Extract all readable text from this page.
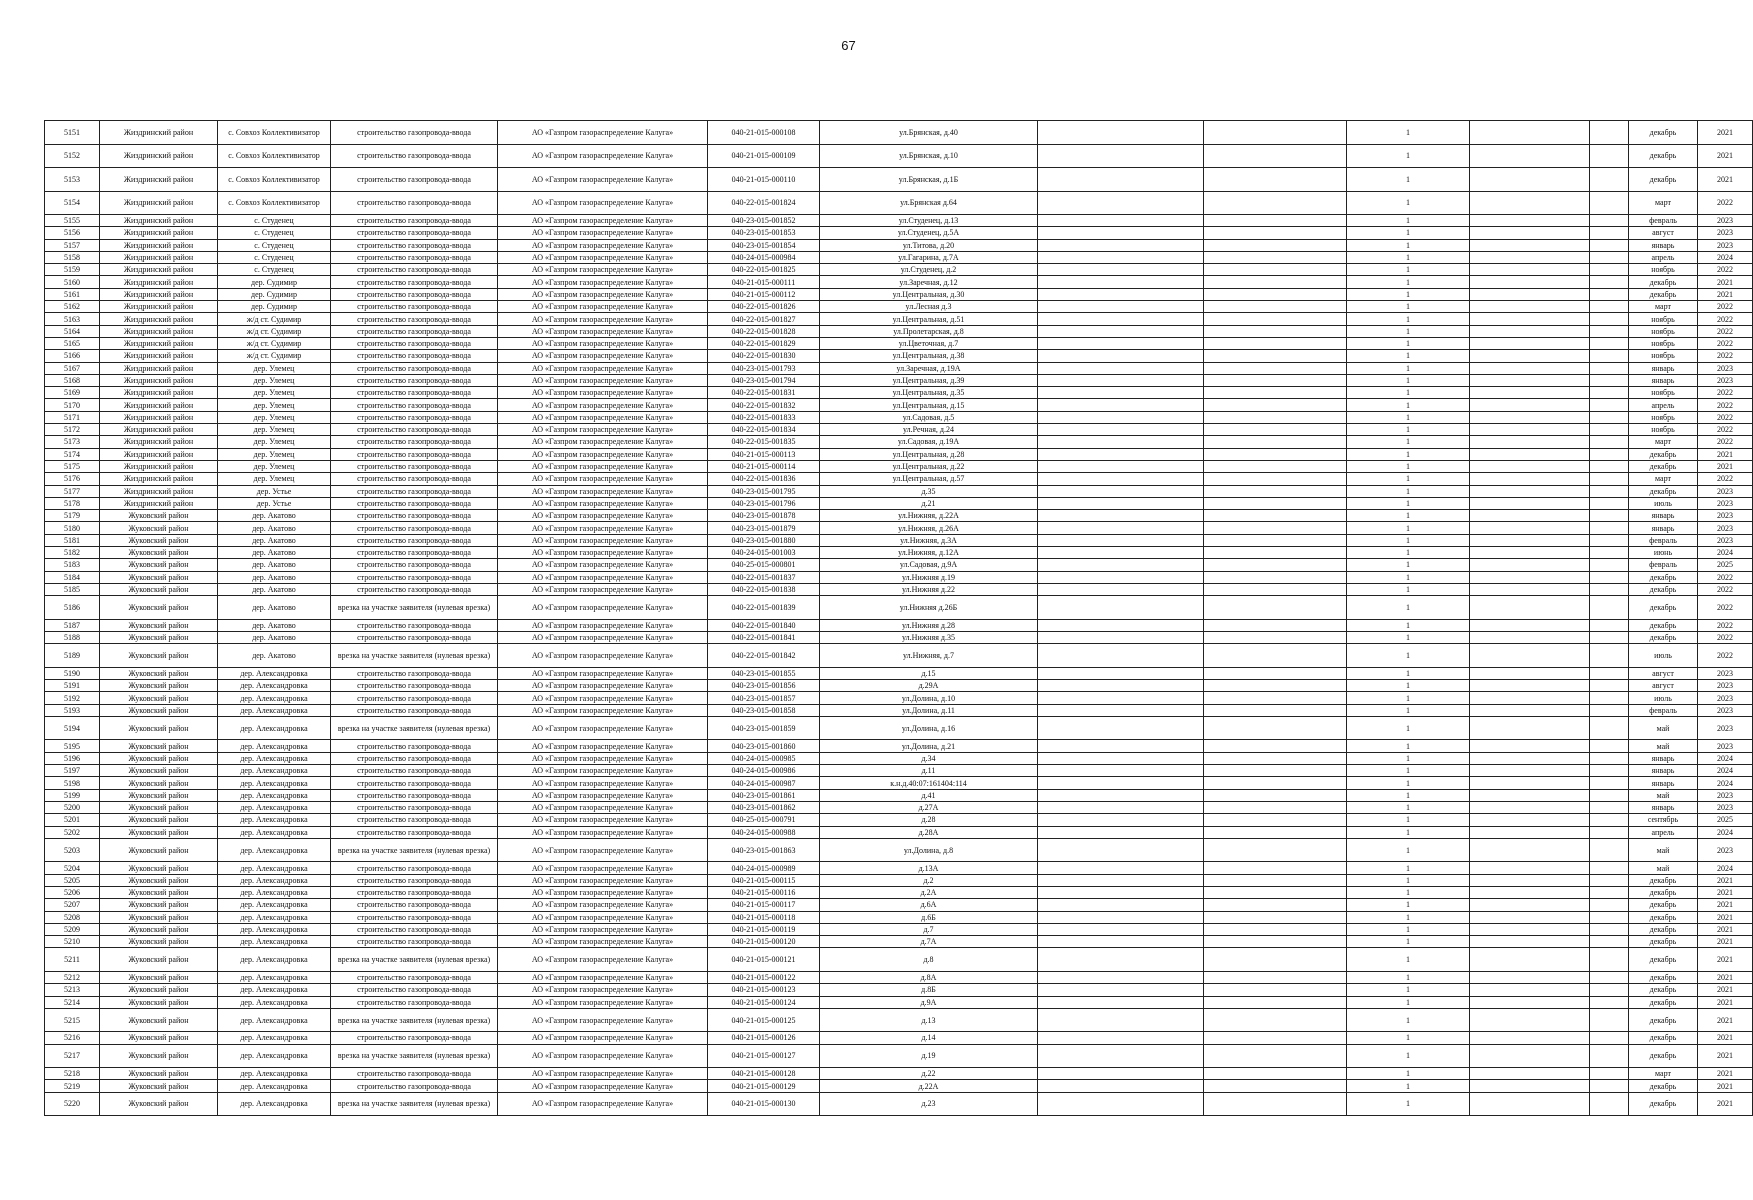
67
5151	Жиздринский район	с. Совхоз Коллективизатор	строительство газопровода-ввода	АО «Газпром газораспределение Калуга»	040-21-015-000108	ул.Брянская, д.40			1			декабрь	2021
5152	Жиздринский район	с. Совхоз Коллективизатор	строительство газопровода-ввода	АО «Газпром газораспределение Калуга»	040-21-015-000109	ул.Брянская, д.10			1			декабрь	2021
5153	Жиздринский район	с. Совхоз Коллективизатор	строительство газопровода-ввода	АО «Газпром газораспределение Калуга»	040-21-015-000110	ул.Брянская, д.1Б			1			декабрь	2021
5154	Жиздринский район	с. Совхоз Коллективизатор	строительство газопровода-ввода	АО «Газпром газораспределение Калуга»	040-22-015-001824	ул.Брянская д.64			1			март	2022
5155	Жиздринский район	с. Студенец	строительство газопровода-ввода	АО «Газпром газораспределение Калуга»	040-23-015-001852	ул.Студенец, д.13			1			февраль	2023
5156	Жиздринский район	с. Студенец	строительство газопровода-ввода	АО «Газпром газораспределение Калуга»	040-23-015-001853	ул.Студенец, д.5А			1			август	2023
5157	Жиздринский район	с. Студенец	строительство газопровода-ввода	АО «Газпром газораспределение Калуга»	040-23-015-001854	ул.Титова, д.20			1			январь	2023
5158	Жиздринский район	с. Студенец	строительство газопровода-ввода	АО «Газпром газораспределение Калуга»	040-24-015-000984	ул.Гагарина, д.7А			1			апрель	2024
5159	Жиздринский район	с. Студенец	строительство газопровода-ввода	АО «Газпром газораспределение Калуга»	040-22-015-001825	ул.Студенец, д.2			1			ноябрь	2022
5160	Жиздринский район	дер. Судимир	строительство газопровода-ввода	АО «Газпром газораспределение Калуга»	040-21-015-000111	ул.Заречная, д.12			1			декабрь	2021
5161	Жиздринский район	дер. Судимир	строительство газопровода-ввода	АО «Газпром газораспределение Калуга»	040-21-015-000112	ул.Центральная, д.30			1			декабрь	2021
5162	Жиздринский район	дер. Судимир	строительство газопровода-ввода	АО «Газпром газораспределение Калуга»	040-22-015-001826	ул.Лесная д.3			1			март	2022
5163	Жиздринский район	ж/д ст. Судимир	строительство газопровода-ввода	АО «Газпром газораспределение Калуга»	040-22-015-001827	ул.Центральная, д.51			1			ноябрь	2022
5164	Жиздринский район	ж/д ст. Судимир	строительство газопровода-ввода	АО «Газпром газораспределение Калуга»	040-22-015-001828	ул.Пролетарская, д.8			1			ноябрь	2022
5165	Жиздринский район	ж/д ст. Судимир	строительство газопровода-ввода	АО «Газпром газораспределение Калуга»	040-22-015-001829	ул.Цветочная, д.7			1			ноябрь	2022
5166	Жиздринский район	ж/д ст. Судимир	строительство газопровода-ввода	АО «Газпром газораспределение Калуга»	040-22-015-001830	ул.Центральная, д.38			1			ноябрь	2022
5167	Жиздринский район	дер. Улемец	строительство газопровода-ввода	АО «Газпром газораспределение Калуга»	040-23-015-001793	ул.Заречная, д.19А			1			январь	2023
5168	Жиздринский район	дер. Улемец	строительство газопровода-ввода	АО «Газпром газораспределение Калуга»	040-23-015-001794	ул.Центральная, д.39			1			январь	2023
5169	Жиздринский район	дер. Улемец	строительство газопровода-ввода	АО «Газпром газораспределение Калуга»	040-22-015-001831	ул.Центральная, д.35			1			ноябрь	2022
5170	Жиздринский район	дер. Улемец	строительство газопровода-ввода	АО «Газпром газораспределение Калуга»	040-22-015-001832	ул.Центральная, д.15			1			апрель	2022
5171	Жиздринский район	дер. Улемец	строительство газопровода-ввода	АО «Газпром газораспределение Калуга»	040-22-015-001833	ул.Садовая, д.5			1			ноябрь	2022
5172	Жиздринский район	дер. Улемец	строительство газопровода-ввода	АО «Газпром газораспределение Калуга»	040-22-015-001834	ул.Речная, д.24			1			ноябрь	2022
5173	Жиздринский район	дер. Улемец	строительство газопровода-ввода	АО «Газпром газораспределение Калуга»	040-22-015-001835	ул.Садовая, д.19А			1			март	2022
5174	Жиздринский район	дер. Улемец	строительство газопровода-ввода	АО «Газпром газораспределение Калуга»	040-21-015-000113	ул.Центральная, д.28			1			декабрь	2021
5175	Жиздринский район	дер. Улемец	строительство газопровода-ввода	АО «Газпром газораспределение Калуга»	040-21-015-000114	ул.Центральная, д.22			1			декабрь	2021
5176	Жиздринский район	дер. Улемец	строительство газопровода-ввода	АО «Газпром газораспределение Калуга»	040-22-015-001836	ул.Центральная, д.57			1			март	2022
5177	Жиздринский район	дер. Устье	строительство газопровода-ввода	АО «Газпром газораспределение Калуга»	040-23-015-001795	д.35			1			декабрь	2023
5178	Жиздринский район	дер. Устье	строительство газопровода-ввода	АО «Газпром газораспределение Калуга»	040-23-015-001796	д.21			1			июль	2023
5179	Жуковский район	дер. Акатово	строительство газопровода-ввода	АО «Газпром газораспределение Калуга»	040-23-015-001878	ул.Нижняя, д.22А			1			январь	2023
5180	Жуковский район	дер. Акатово	строительство газопровода-ввода	АО «Газпром газораспределение Калуга»	040-23-015-001879	ул.Нижняя, д.26А			1			январь	2023
5181	Жуковский район	дер. Акатово	строительство газопровода-ввода	АО «Газпром газораспределение Калуга»	040-23-015-001880	ул.Нижняя, д.3А			1			февраль	2023
5182	Жуковский район	дер. Акатово	строительство газопровода-ввода	АО «Газпром газораспределение Калуга»	040-24-015-001003	ул.Нижняя, д.12А			1			июнь	2024
5183	Жуковский район	дер. Акатово	строительство газопровода-ввода	АО «Газпром газораспределение Калуга»	040-25-015-000801	ул.Садовая, д.9А			1			февраль	2025
5184	Жуковский район	дер. Акатово	строительство газопровода-ввода	АО «Газпром газораспределение Калуга»	040-22-015-001837	ул.Нижняя д.19			1			декабрь	2022
5185	Жуковский район	дер. Акатово	строительство газопровода-ввода	АО «Газпром газораспределение Калуга»	040-22-015-001838	ул.Нижняя д.22			1			декабрь	2022
5186	Жуковский район	дер. Акатово	врезка на участке заявителя (нулевая врезка)	АО «Газпром газораспределение Калуга»	040-22-015-001839	ул.Нижняя д.26Б			1			декабрь	2022
5187	Жуковский район	дер. Акатово	строительство газопровода-ввода	АО «Газпром газораспределение Калуга»	040-22-015-001840	ул.Нижняя д.28			1			декабрь	2022
5188	Жуковский район	дер. Акатово	строительство газопровода-ввода	АО «Газпром газораспределение Калуга»	040-22-015-001841	ул.Нижняя д.35			1			декабрь	2022
5189	Жуковский район	дер. Акатово	врезка на участке заявителя (нулевая врезка)	АО «Газпром газораспределение Калуга»	040-22-015-001842	ул.Нижняя, д.7			1			июль	2022
5190	Жуковский район	дер. Александровка	строительство газопровода-ввода	АО «Газпром газораспределение Калуга»	040-23-015-001855	д.15			1			август	2023
5191	Жуковский район	дер. Александровка	строительство газопровода-ввода	АО «Газпром газораспределение Калуга»	040-23-015-001856	д.29А			1			август	2023
5192	Жуковский район	дер. Александровка	строительство газопровода-ввода	АО «Газпром газораспределение Калуга»	040-23-015-001857	ул.Долина, д.10			1			июль	2023
5193	Жуковский район	дер. Александровка	строительство газопровода-ввода	АО «Газпром газораспределение Калуга»	040-23-015-001858	ул.Долина, д.11			1			февраль	2023
5194	Жуковский район	дер. Александровка	врезка на участке заявителя (нулевая врезка)	АО «Газпром газораспределение Калуга»	040-23-015-001859	ул.Долина, д.16			1			май	2023
5195	Жуковский район	дер. Александровка	строительство газопровода-ввода	АО «Газпром газораспределение Калуга»	040-23-015-001860	ул.Долина, д.21			1			май	2023
5196	Жуковский район	дер. Александровка	строительство газопровода-ввода	АО «Газпром газораспределение Калуга»	040-24-015-000985	д.34			1			январь	2024
5197	Жуковский район	дер. Александровка	строительство газопровода-ввода	АО «Газпром газораспределение Калуга»	040-24-015-000986	д.11			1			январь	2024
5198	Жуковский район	дер. Александровка	строительство газопровода-ввода	АО «Газпром газораспределение Калуга»	040-24-015-000987	к.н.д.40:07:161404:114			1			январь	2024
5199	Жуковский район	дер. Александровка	строительство газопровода-ввода	АО «Газпром газораспределение Калуга»	040-23-015-001861	д.41			1			май	2023
5200	Жуковский район	дер. Александровка	строительство газопровода-ввода	АО «Газпром газораспределение Калуга»	040-23-015-001862	д.27А			1			январь	2023
5201	Жуковский район	дер. Александровка	строительство газопровода-ввода	АО «Газпром газораспределение Калуга»	040-25-015-000791	д.28			1			сентябрь	2025
5202	Жуковский район	дер. Александровка	строительство газопровода-ввода	АО «Газпром газораспределение Калуга»	040-24-015-000988	д.28А			1			апрель	2024
5203	Жуковский район	дер. Александровка	врезка на участке заявителя (нулевая врезка)	АО «Газпром газораспределение Калуга»	040-23-015-001863	ул.Долина, д.8			1			май	2023
5204	Жуковский район	дер. Александровка	строительство газопровода-ввода	АО «Газпром газораспределение Калуга»	040-24-015-000989	д.13А			1			май	2024
5205	Жуковский район	дер. Александровка	строительство газопровода-ввода	АО «Газпром газораспределение Калуга»	040-21-015-000115	д.2			1			декабрь	2021
5206	Жуковский район	дер. Александровка	строительство газопровода-ввода	АО «Газпром газораспределение Калуга»	040-21-015-000116	д.2А			1			декабрь	2021
5207	Жуковский район	дер. Александровка	строительство газопровода-ввода	АО «Газпром газораспределение Калуга»	040-21-015-000117	д.6А			1			декабрь	2021
5208	Жуковский район	дер. Александровка	строительство газопровода-ввода	АО «Газпром газораспределение Калуга»	040-21-015-000118	д.6Б			1			декабрь	2021
5209	Жуковский район	дер. Александровка	строительство газопровода-ввода	АО «Газпром газораспределение Калуга»	040-21-015-000119	д.7			1			декабрь	2021
5210	Жуковский район	дер. Александровка	строительство газопровода-ввода	АО «Газпром газораспределение Калуга»	040-21-015-000120	д.7А			1			декабрь	2021
5211	Жуковский район	дер. Александровка	врезка на участке заявителя (нулевая врезка)	АО «Газпром газораспределение Калуга»	040-21-015-000121	д.8			1			декабрь	2021
5212	Жуковский район	дер. Александровка	строительство газопровода-ввода	АО «Газпром газораспределение Калуга»	040-21-015-000122	д.8А			1			декабрь	2021
5213	Жуковский район	дер. Александровка	строительство газопровода-ввода	АО «Газпром газораспределение Калуга»	040-21-015-000123	д.8Б			1			декабрь	2021
5214	Жуковский район	дер. Александровка	строительство газопровода-ввода	АО «Газпром газораспределение Калуга»	040-21-015-000124	д.9А			1			декабрь	2021
5215	Жуковский район	дер. Александровка	врезка на участке заявителя (нулевая врезка)	АО «Газпром газораспределение Калуга»	040-21-015-000125	д.13			1			декабрь	2021
5216	Жуковский район	дер. Александровка	строительство газопровода-ввода	АО «Газпром газораспределение Калуга»	040-21-015-000126	д.14			1			декабрь	2021
5217	Жуковский район	дер. Александровка	врезка на участке заявителя (нулевая врезка)	АО «Газпром газораспределение Калуга»	040-21-015-000127	д.19			1			декабрь	2021
5218	Жуковский район	дер. Александровка	строительство газопровода-ввода	АО «Газпром газораспределение Калуга»	040-21-015-000128	д.22			1			март	2021
5219	Жуковский район	дер. Александровка	строительство газопровода-ввода	АО «Газпром газораспределение Калуга»	040-21-015-000129	д.22А			1			декабрь	2021
5220	Жуковский район	дер. Александровка	врезка на участке заявителя (нулевая врезка)	АО «Газпром газораспределение Калуга»	040-21-015-000130	д.23			1			декабрь	2021
